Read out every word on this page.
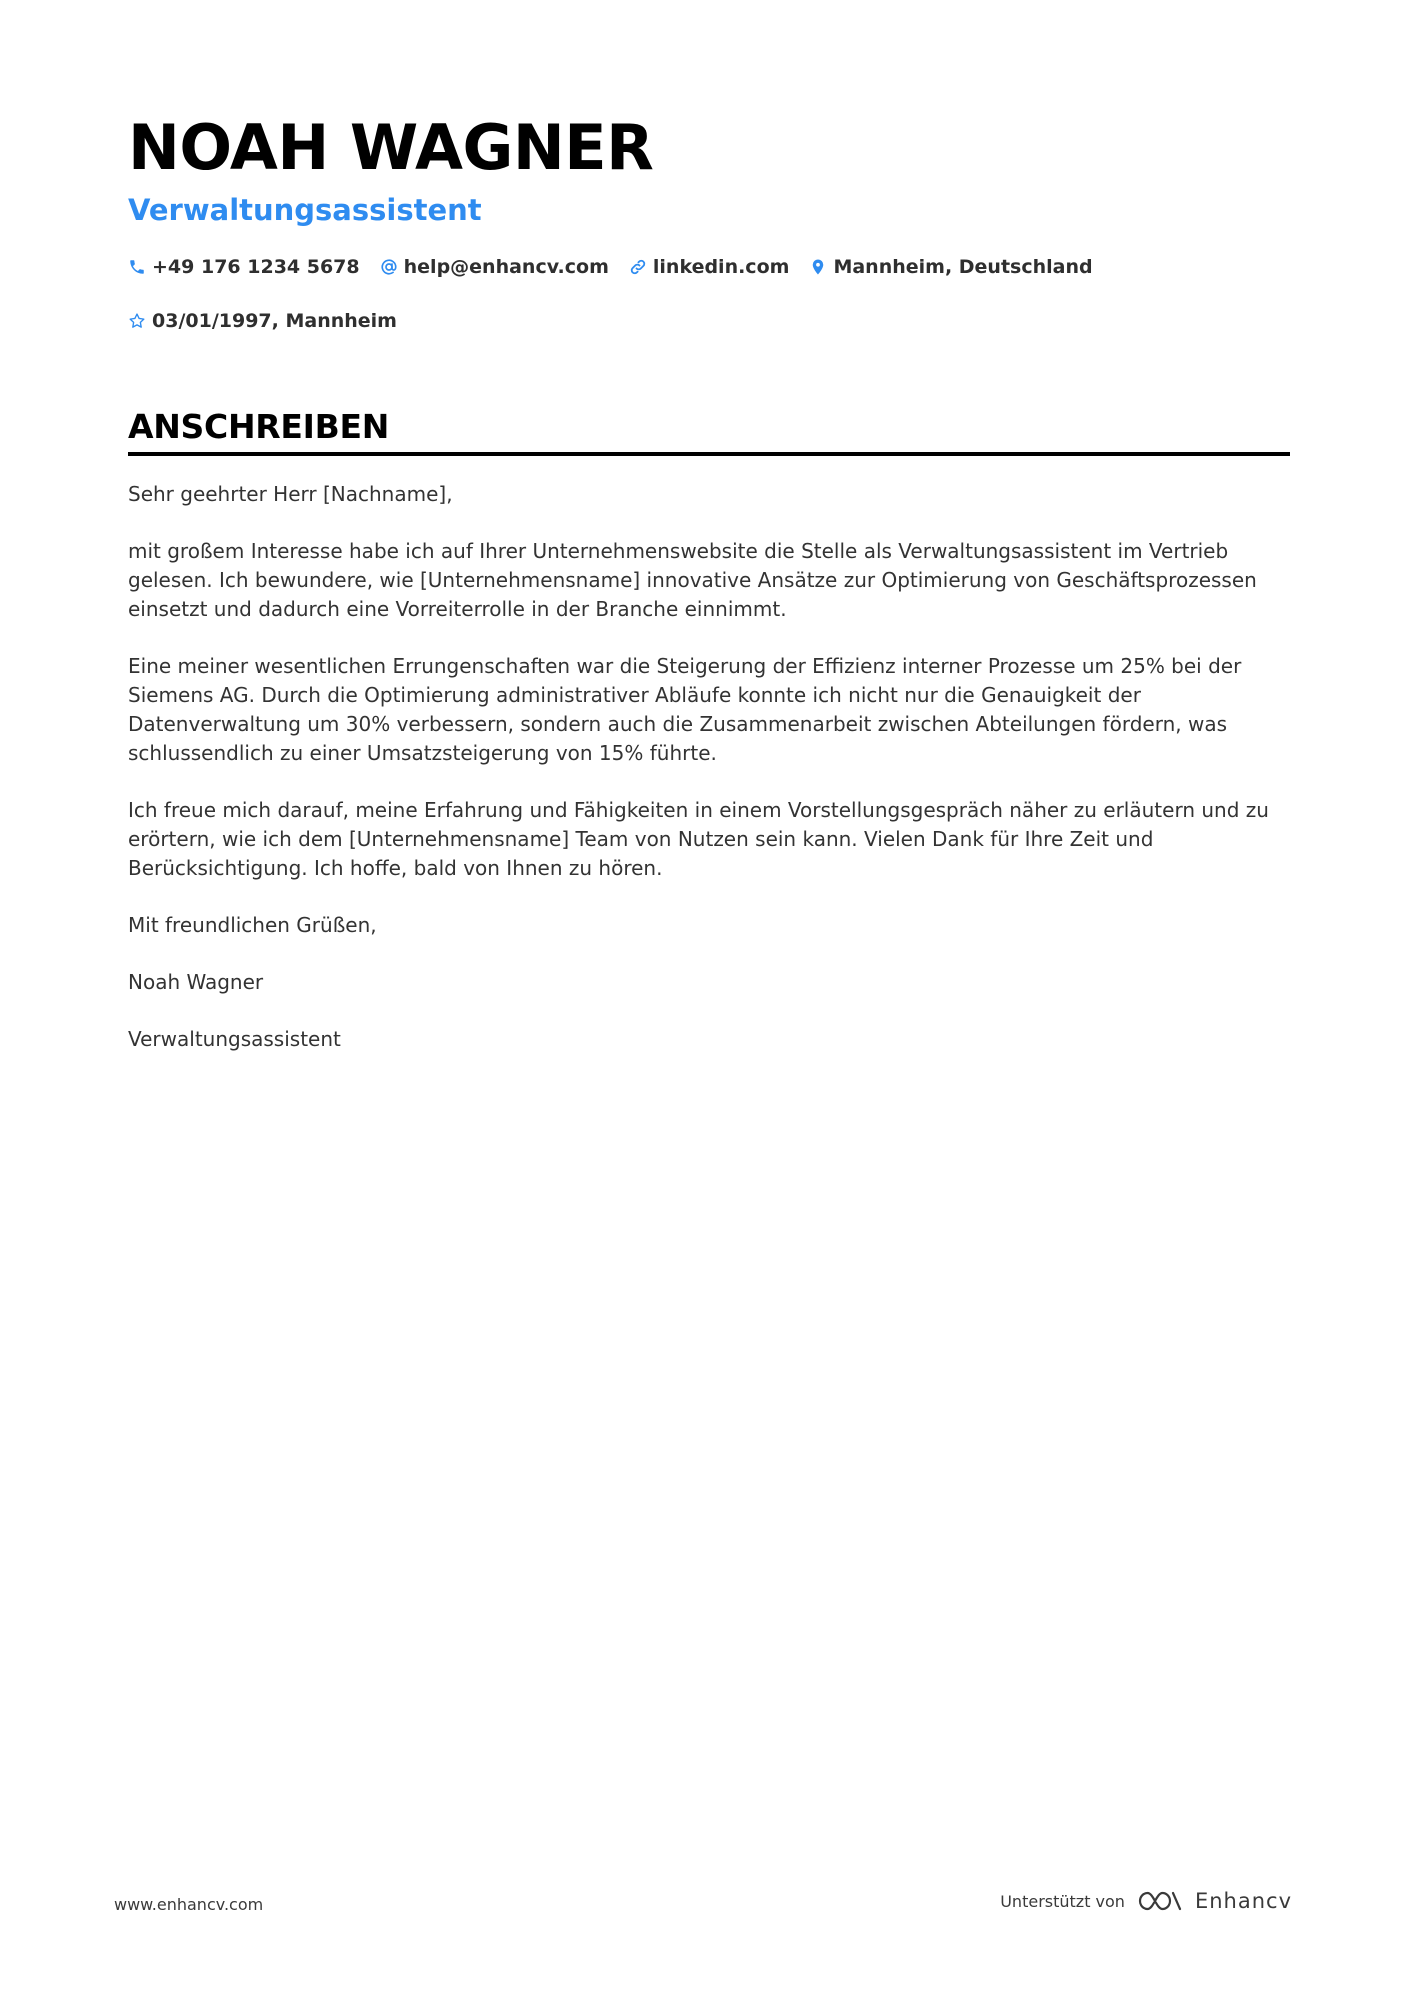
NOAH WAGNER
Verwaltungsassistent
+49 176 1234 5678 help@enhancv.com linkedin.com Mannheim, Deutschland
03/01/1997, Mannheim
ANSCHREIBEN

Sehr geehrter Herr [Nachname],

mit großem Interesse habe ich auf Ihrer Unternehmenswebsite die Stelle als Verwaltungsassistent im Vertrieb gelesen. Ich bewundere, wie [Unternehmensname] innovative Ansätze zur Optimierung von Geschäftsprozessen einsetzt und dadurch eine Vorreiterrolle in der Branche einnimmt.

Eine meiner wesentlichen Errungenschaften war die Steigerung der Effizienz interner Prozesse um 25% bei der Siemens AG. Durch die Optimierung administrativer Abläufe konnte ich nicht nur die Genauigkeit der Datenverwaltung um 30% verbessern, sondern auch die Zusammenarbeit zwischen Abteilungen fördern, was schlussendlich zu einer Umsatzsteigerung von 15% führte.

Ich freue mich darauf, meine Erfahrung und Fähigkeiten in einem Vorstellungsgespräch näher zu erläutern und zu erörtern, wie ich dem [Unternehmensname] Team von Nutzen sein kann. Vielen Dank für Ihre Zeit und Berücksichtigung. Ich hoffe, bald von Ihnen zu hören.

Mit freundlichen Grüßen,

Noah Wagner

Verwaltungsassistent

www.enhancv.com	Unterstützt von	Enhancv
